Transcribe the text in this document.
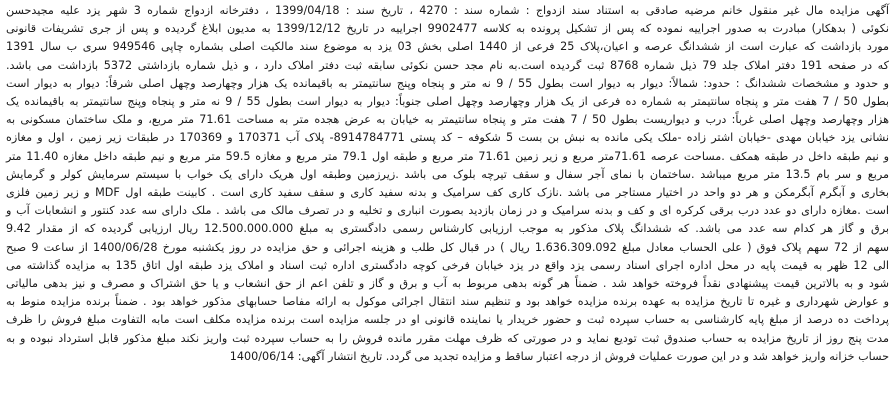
آگهی مزایده مال غیر منقول خانم مرضیه صادقی به استناد سند ازدواج : شماره سند : 4270 ، تاریخ سند : 1399/04/18 ، دفترخانه ازدواج شماره 3 شهر یزد علیه مجیدحسن
نکوئی ( بدهکار) مبادرت به صدور اجراییه نموده که پس از تشکیل پرونده به کلاسه 9902477 اجراییه در تاریخ 1399/12/12 به مدیون ابلاغ گردیده و پس از جری تشریفات قانونی
مورد بازداشت که عبارت است از ششدانگ عرصه و اعیان،پلاک 25 فرعی از 1440 اصلی بخش 03 یزد به موضوع سند مالکیت اصلی بشماره چاپی 949546 سری ب سال 1391
که در صفحه 191 دفتر املاک جلد 79 ذیل شماره 8768 ثبت گردیده است.به نام مجد حسن نکوئی سابقه ثبت دفتر املاک دارد ، و ذیل شماره بازداشتی 5372 بازداشت می باشد.
و حدود و مشخصات ششدانگ : حدود: شمالاً: دیوار به دیوار است بطول 55 / 9 نه متر و پنجاه وپنج سانتیمتر به باقیمانده یک هزار وچهارصد وچهل اصلی شرقاً: دیوار به دیوار است
بطول 50 / 7 هفت متر و پنجاه سانتیمتر به شماره ده فرعی از یک هزار وچهارصد وچهل اصلی جنوباً: دیوار به دیوار است بطول 55 / 9 نه متر و پنجاه وپنج سانتیمتر به باقیمانده یک
هزار وچهارصد وچهل اصلی غرباً: درب و دیواریست بطول 50 / 7 هفت متر و پنجاه سانتیمتر به خیابان به عرض هجده متر به مساحت 71.61 متر مربع، و ملک ساختمان مسکونی به
نشانی یزد خیابان مهدی -خیابان اشتر زاده -ملک یکی مانده به نبش بن بست 5 شکوفه – کد پستی 8914784771- پلاک آب 170371 و 170369 در طبقات زیر زمین ، اول و مغازه
و نیم طبقه داخل در طبقه همکف .مساحت عرصه 71.61متر مربع و زیر زمین 71.61 متر مربع و طبقه اول 79.1 متر مربع و مغازه 59.5 متر مربع و نیم طبقه داخل مغازه 11.40 متر
مربع و سر بام 13.5 متر مربع میباشد .ساختمان با نمای آجر سفال و سقف تیرچه بلوک می باشد .زیرزمین وطبقه اول هریک دارای یک خواب با سیستم سرمایش کولر و گرمایش
بخاری و آبگرم آبگرمکن و هر دو واحد در اختیار مستاجر می باشد .نازک کاری کف سرامیک و بدنه سفید کاری و سقف سفید کاری است . کابینت طبقه اول MDF و زیر زمین فلزی
است .مغازه دارای دو عدد درب برقی کرکره ای و کف و بدنه سرامیک و در زمان بازدید بصورت انباری و تخلیه و در تصرف مالک می باشد . ملک دارای سه عدد کنتور و انشعابات آب و
برق و گاز هر کدام سه عدد می باشد. که ششدانگ پلاک مذکور به موجب ارزیابی کارشناس رسمی دادگستری به مبلغ 12.500.000.000 ریال ارزیابی گردیده که از مقدار 9.42
سهم از 72 سهم پلاک فوق ( علی الحساب معادل مبلغ 1.636.309.092 ریال ) در قبال کل طلب و هزینه اجرائی و حق مزایده در روز یکشنبه مورخ 1400/06/28 از ساعت 9 صبح
الی 12 ظهر به قیمت پایه در محل اداره اجرای اسناد رسمی یزد واقع در یزد خیابان فرخی کوچه دادگستری اداره ثبت اسناد و املاک یزد طبقه اول اتاق 135 به مزایده گذاشته می
شود و به بالاترین قیمت پیشنهادی نقداً فروخته خواهد شد . ضمناً هر گونه بدهی مربوط به آب و برق و گاز و تلفن اعم از حق انشعاب و یا حق اشتراک و مصرف و نیز بدهی مالیاتی
و عوارض شهرداری و غیره تا تاریخ مزایده به عهده برنده مزایده خواهد بود و تنظیم سند انتقال اجرائی موکول به ارائه مفاصا حسابهای مذکور خواهد بود . ضمناً برنده مزایده منوط به
پرداخت ده درصد از مبلغ پایه کارشناسی به حساب سپرده ثبت و حضور خریدار یا نماینده قانونی او در جلسه مزایده است برنده مزایده مکلف است مابه التفاوت مبلغ فروش را ظرف
مدت پنج روز از تاریخ مزایده به حساب صندوق ثبت تودیع نماید و در صورتی که ظرف مهلت مقرر مانده فروش را به حساب سپرده ثبت واریز نکند مبلغ مذکور قابل استرداد نبوده و به
حساب خزانه واریز خواهد شد و در این صورت عملیات فروش از درجه اعتبار ساقط و مزایده تجدید می گردد. تاریخ انتشار آگهی: 1400/06/14
